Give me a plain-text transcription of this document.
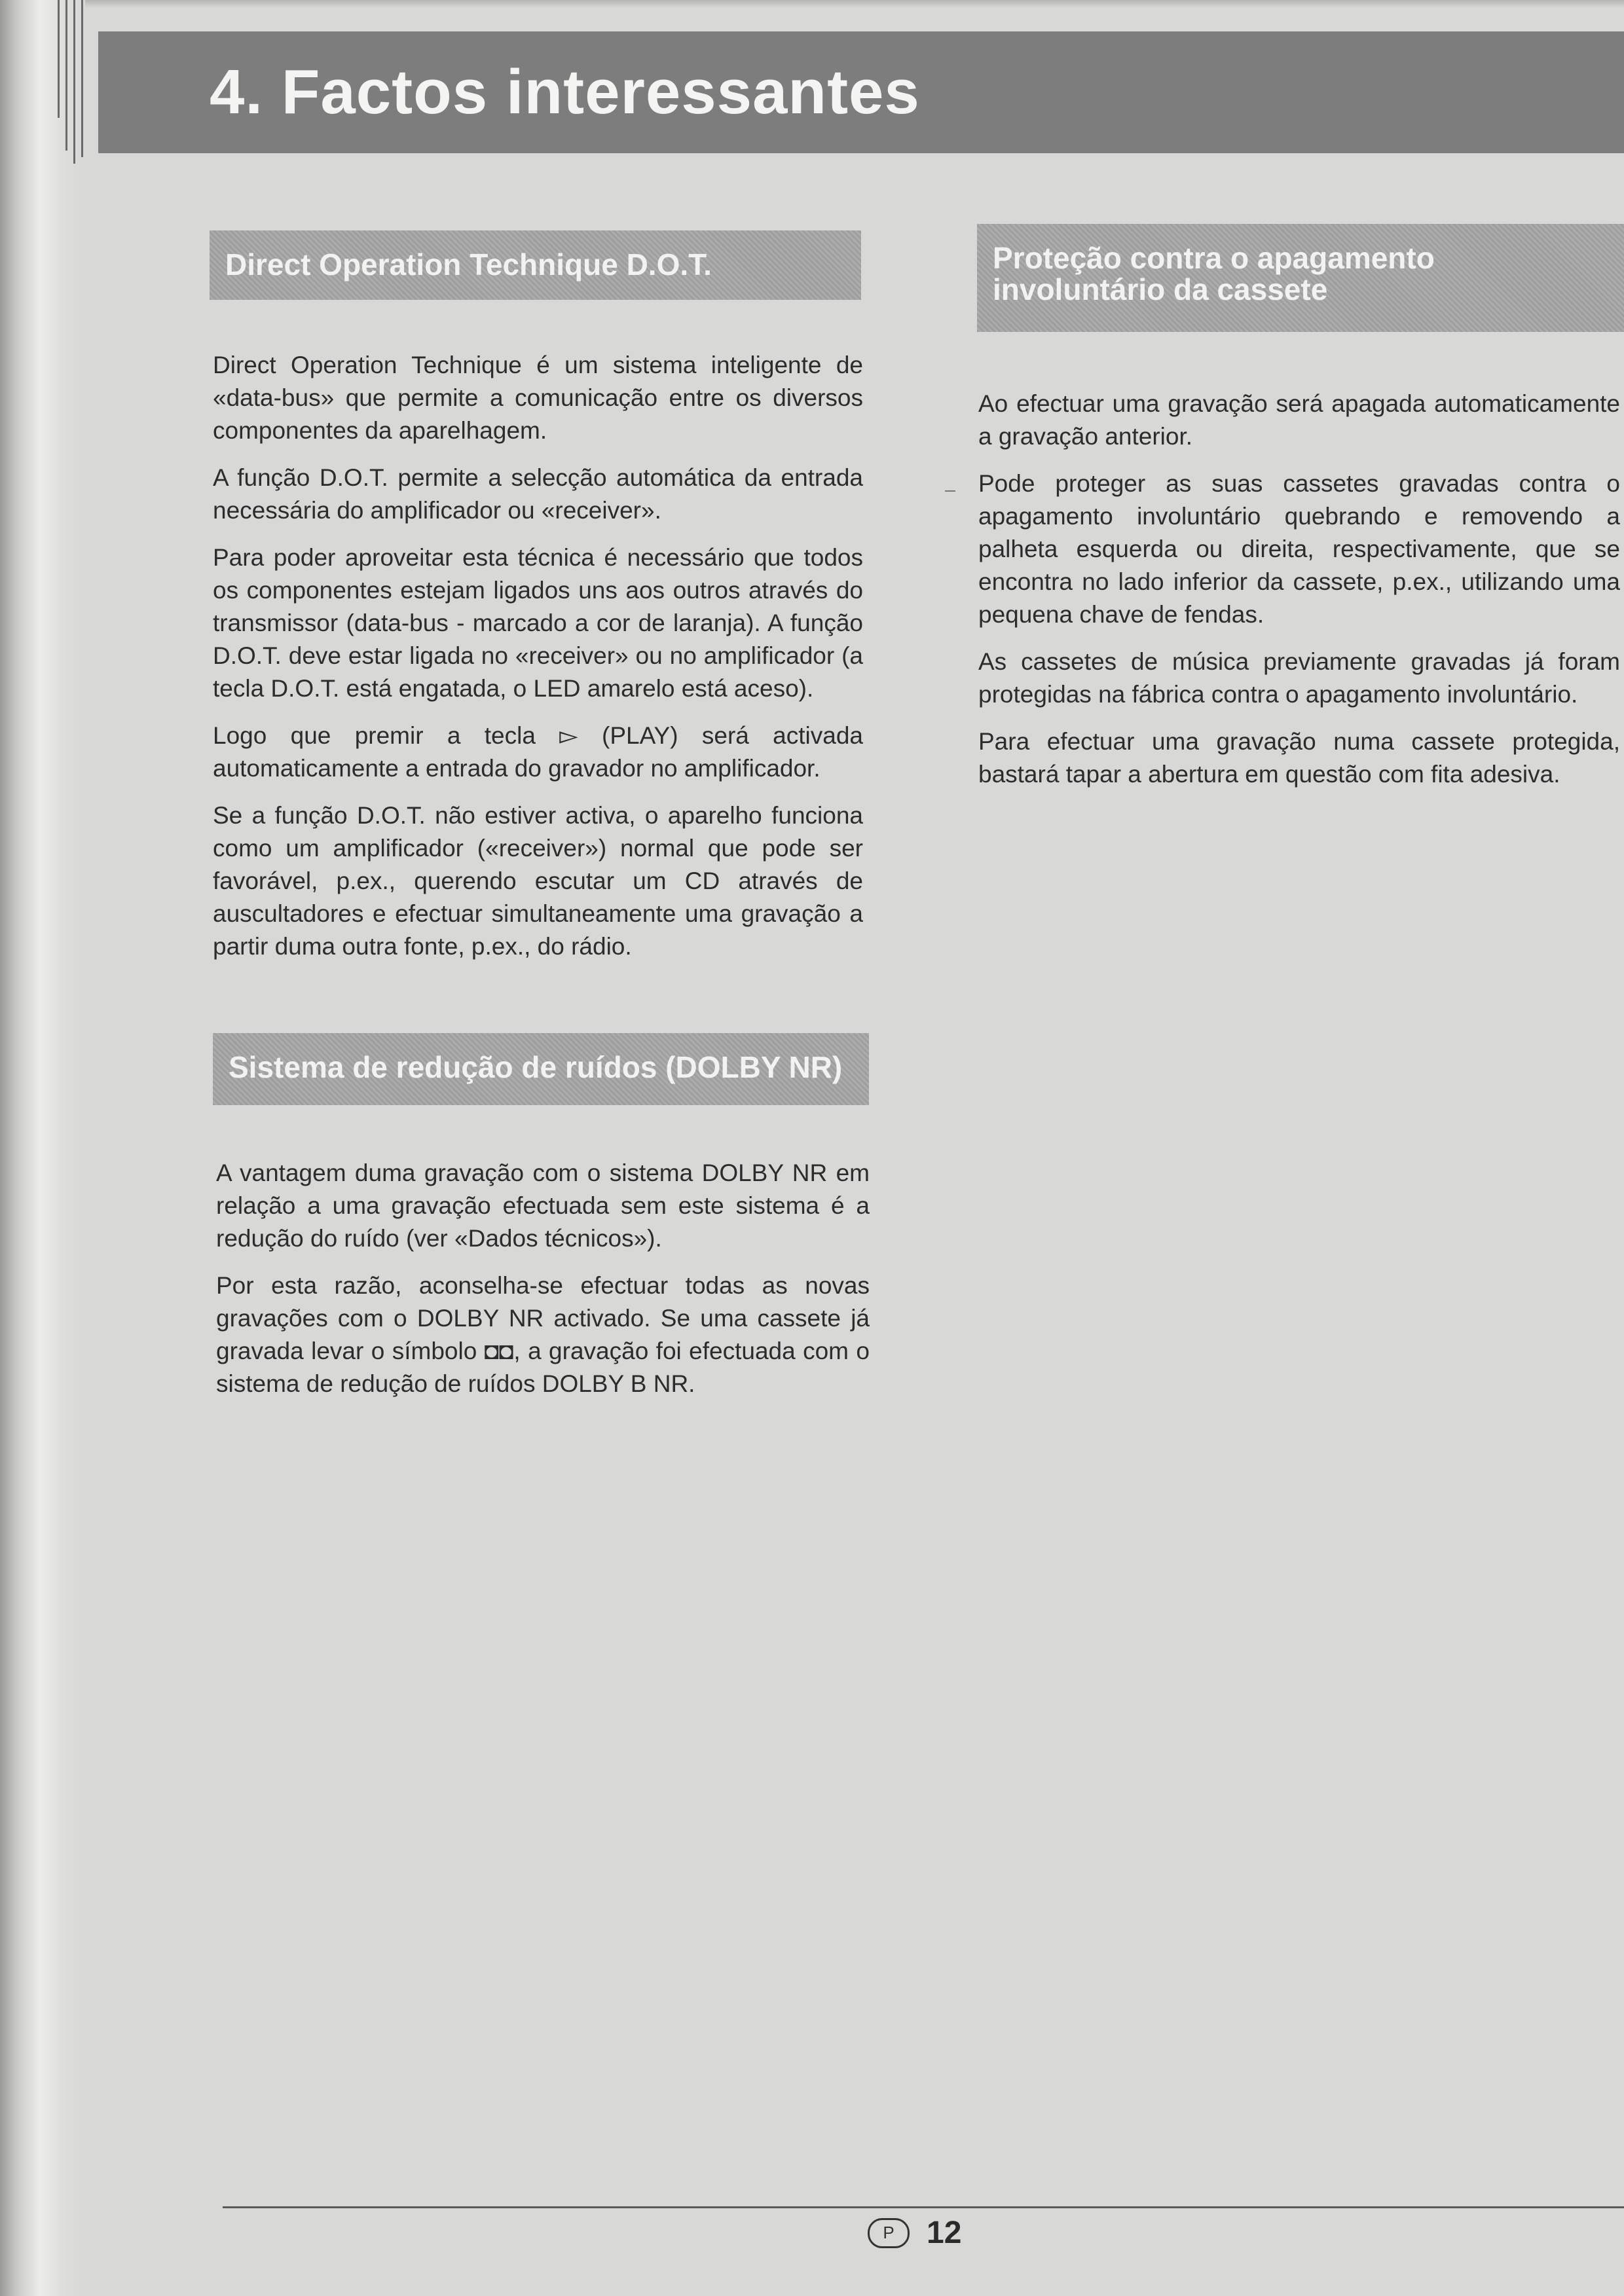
4. Factos interessantes
Direct Operation Technique D.O.T.

Direct Operation Technique é um sistema inteligente de «data-bus» que permite a comunicação entre os diversos componentes da aparelhagem.

A função D.O.T. permite a selecção automática da entrada necessária do amplificador ou «receiver».

Para poder aproveitar esta técnica é necessário que todos os componentes estejam ligados uns aos outros através do transmissor (data-bus - marcado a cor de laranja). A função D.O.T. deve estar ligada no «receiver» ou no amplificador (a tecla D.O.T. está engatada, o LED amarelo está aceso).

Logo que premir a tecla ▻ (PLAY) será activada automaticamente a entrada do gravador no amplificador.

Se a função D.O.T. não estiver activa, o aparelho funciona como um amplificador («receiver») normal que pode ser favorável, p.ex., querendo escutar um CD através de auscultadores e efectuar simultaneamente uma gravação a partir duma outra fonte, p.ex., do rádio.

Sistema de redução de ruídos (DOLBY NR)

A vantagem duma gravação com o sistema DOLBY NR em relação a uma gravação efectuada sem este sistema é a redução do ruído (ver «Dados técnicos»).

Por esta razão, aconselha-se efectuar todas as novas gravações com o DOLBY NR activado. Se uma cassete já gravada levar o símbolo ◘◘, a gravação foi efectuada com o sistema de redução de ruídos DOLBY B NR.

Proteção contra o apagamento involuntário da cassete

Ao efectuar uma gravação será apagada automaticamente a gravação anterior.

Pode proteger as suas cassetes gravadas contra o apagamento involuntário quebrando e removendo a palheta esquerda ou direita, respectivamente, que se encontra no lado inferior da cassete, p.ex., utilizando uma pequena chave de fendas.

As cassetes de música previamente gravadas já foram protegidas na fábrica contra o apagamento involuntário.

Para efectuar uma gravação numa cassete protegida, bastará tapar a abertura em questão com fita adesiva.

P	12
